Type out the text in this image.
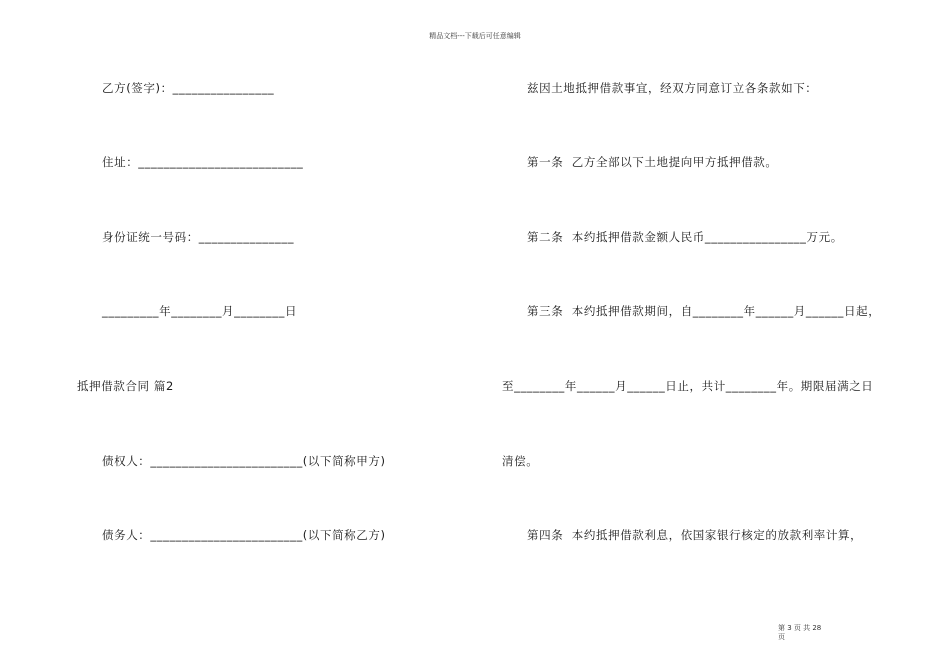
精品文档---下载后可任意编辑
乙方(签字)：________________
住址：__________________________
身份证统一号码：_______________
_________年________月________日
抵押借款合同 篇2
债权人：________________________(以下简称甲方)
债务人：________________________(以下简称乙方)
兹因土地抵押借款事宜，经双方同意订立各条款如下：
第一条  乙方全部以下土地提向甲方抵押借款。
第二条  本约抵押借款金额人民币________________万元。
第三条  本约抵押借款期间，自________年______月______日起，
至________年______月______日止，共计________年。期限届满之日
清偿。
第四条  本约抵押借款利息，依国家银行核定的放款利率计算，
第 3 页 共 28
页
